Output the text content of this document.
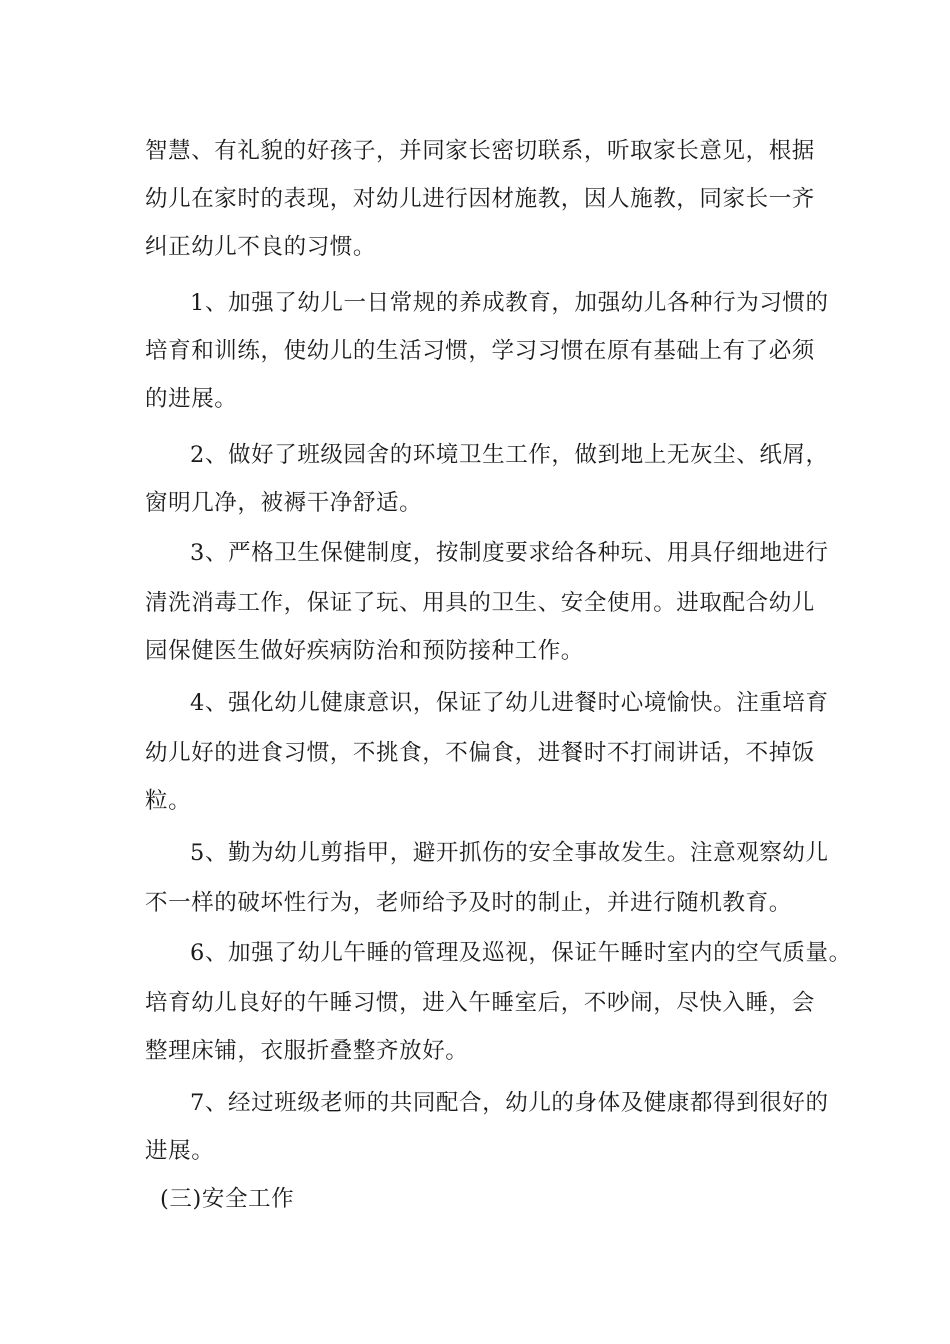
智慧、有礼貌的好孩子，并同家长密切联系，听取家长意见，根据
幼儿在家时的表现，对幼儿进行因材施教，因人施教，同家长一齐
纠正幼儿不良的习惯。
1、加强了幼儿一日常规的养成教育，加强幼儿各种行为习惯的
培育和训练，使幼儿的生活习惯，学习习惯在原有基础上有了必须
的进展。
2、做好了班级园舍的环境卫生工作，做到地上无灰尘、纸屑，
窗明几净，被褥干净舒适。
3、严格卫生保健制度，按制度要求给各种玩、用具仔细地进行
清洗消毒工作，保证了玩、用具的卫生、安全使用。进取配合幼儿
园保健医生做好疾病防治和预防接种工作。
4、强化幼儿健康意识，保证了幼儿进餐时心境愉快。注重培育
幼儿好的进食习惯，不挑食，不偏食，进餐时不打闹讲话，不掉饭
粒。
5、勤为幼儿剪指甲，避开抓伤的安全事故发生。注意观察幼儿
不一样的破坏性行为，老师给予及时的制止，并进行随机教育。
6、加强了幼儿午睡的管理及巡视，保证午睡时室内的空气质量。
培育幼儿良好的午睡习惯，进入午睡室后，不吵闹，尽快入睡，会
整理床铺，衣服折叠整齐放好。
7、经过班级老师的共同配合，幼儿的身体及健康都得到很好的
进展。
(三)安全工作
